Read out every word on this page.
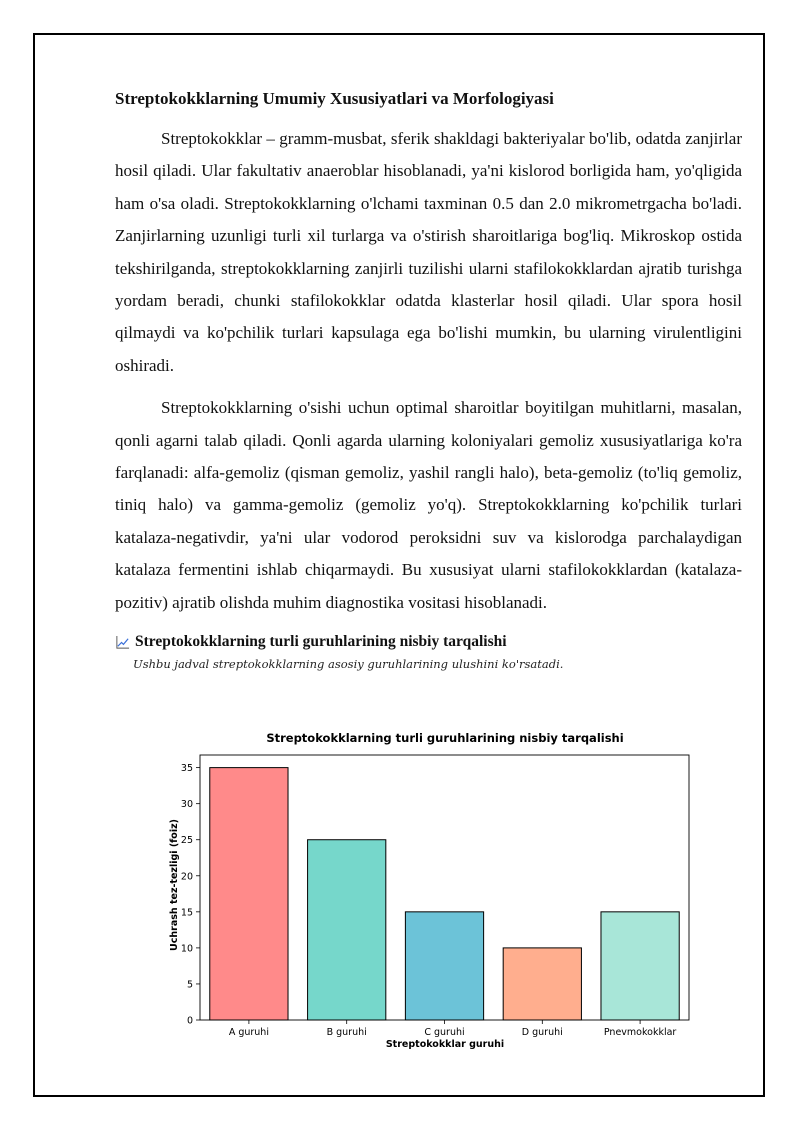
Streptokokklarning Umumiy Xususiyatlari va Morfologiyasi

Streptokokklar – gramm-musbat, sferik shakldagi bakteriyalar bo'lib, odatda zanjirlar hosil qiladi. Ular fakultativ anaeroblar hisoblanadi, ya'ni kislorod borligida ham, yo'qligida ham o'sa oladi. Streptokokklarning o'lchami taxminan 0.5 dan 2.0 mikrometrgacha bo'ladi. Zanjirlarning uzunligi turli xil turlarga va o'stirish sharoitlariga bog'liq. Mikroskop ostida tekshirilganda, streptokokklarning zanjirli tuzilishi ularni stafilokokklardan ajratib turishga yordam beradi, chunki stafilokokklar odatda klasterlar hosil qiladi. Ular spora hosil qilmaydi va ko'pchilik turlari kapsulaga ega bo'lishi mumkin, bu ularning virulentligini oshiradi.

Streptokokklarning o'sishi uchun optimal sharoitlar boyitilgan muhitlarni, masalan, qonli agarni talab qiladi. Qonli agarda ularning koloniyalari gemoliz xususiyatlariga ko'ra farqlanadi: alfa-gemoliz (qisman gemoliz, yashil rangli halo), beta-gemoliz (to'liq gemoliz, tiniq halo) va gamma-gemoliz (gemoliz yo'q). Streptokokklarning ko'pchilik turlari katalaza-negativdir, ya'ni ular vodorod peroksidni suv va kislorodga parchalaydigan katalaza fermentini ishlab chiqarmaydi. Bu xususiyat ularni stafilokokklardan (katalaza-pozitiv) ajratib olishda muhim diagnostika vositasi hisoblanadi.

Streptokokklarning turli guruhlarining nisbiy tarqalishi
Ushbu jadval streptokokklarning asosiy guruhlarining ulushini ko'rsatadi.
Streptokokklarning turli guruhlarining nisbiy tarqalishi
Uchrash tez-tezligi (foiz)
Streptokokklar guruhi
0
5
10
15
20
25
30
35
A guruhi	B guruhi	C guruhi	D guruhi	Pnevmokokklar
